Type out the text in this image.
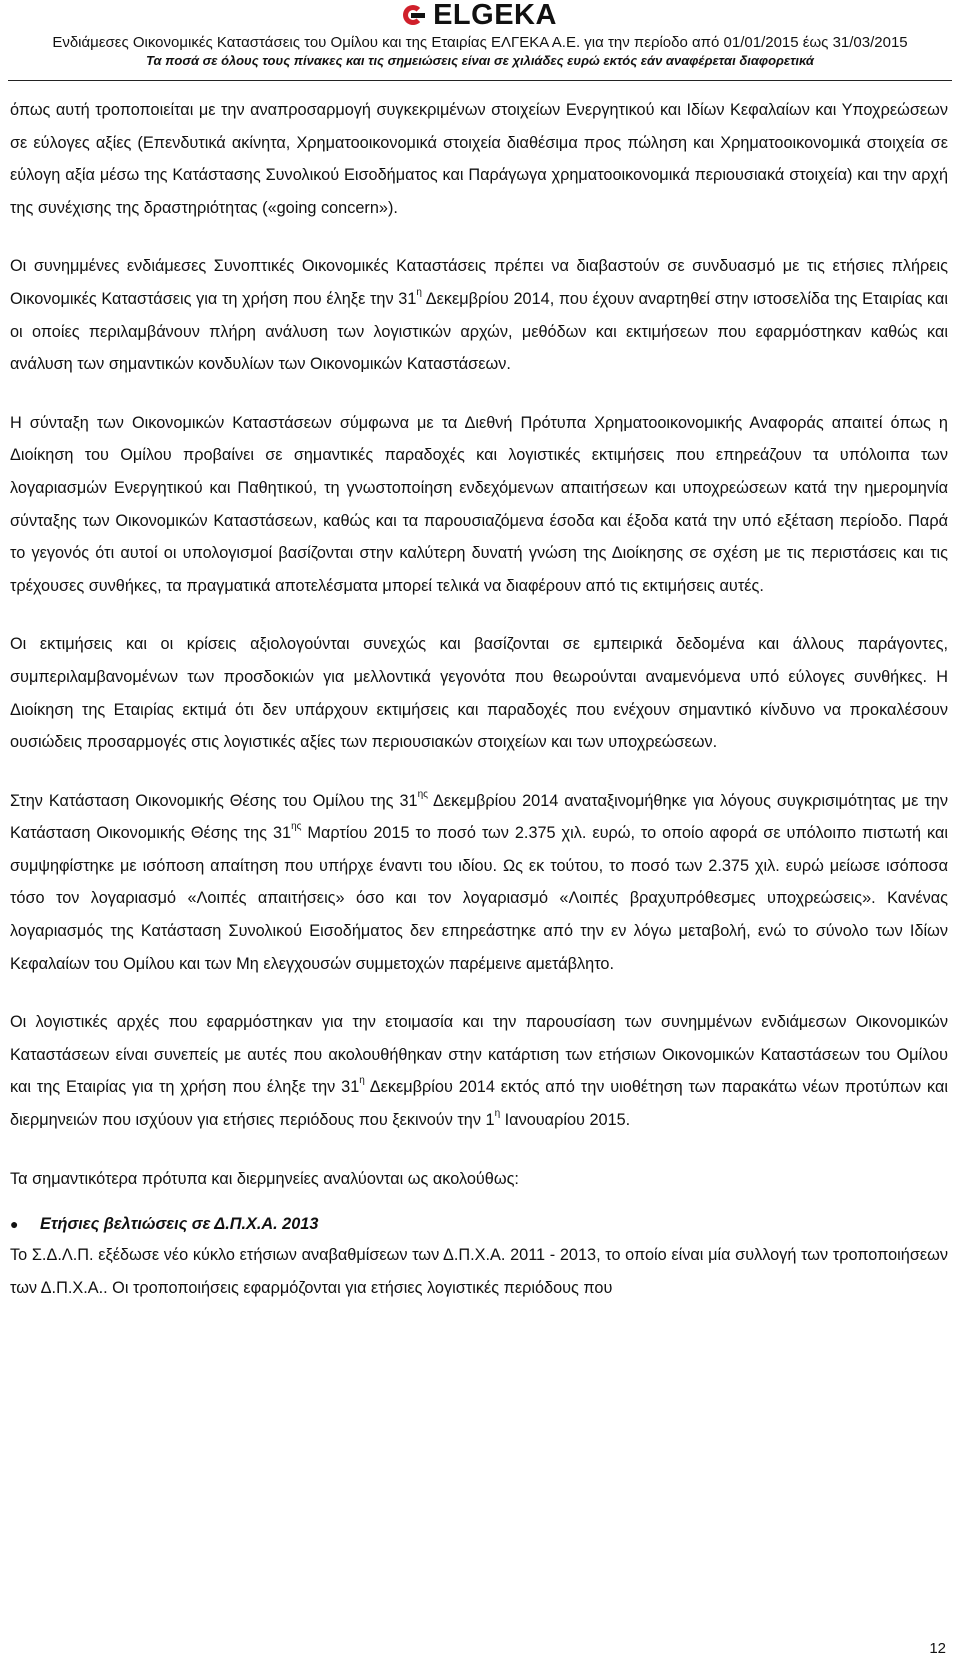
ELGEKA
Ενδιάμεσες Οικονομικές Καταστάσεις του Ομίλου και της Εταιρίας ΕΛΓΕΚΑ Α.Ε. για την περίοδο από 01/01/2015 έως 31/03/2015
Τα ποσά σε όλους τους πίνακες και τις σημειώσεις είναι σε χιλιάδες ευρώ εκτός εάν αναφέρεται διαφορετικά

όπως αυτή τροποποιείται με την αναπροσαρμογή συγκεκριμένων στοιχείων Ενεργητικού και Ιδίων Κεφαλαίων και Υποχρεώσεων σε εύλογες αξίες (Επενδυτικά ακίνητα, Χρηματοοικονομικά στοιχεία διαθέσιμα προς πώληση και Χρηματοοικονομικά στοιχεία σε εύλογη αξία μέσω της Κατάστασης Συνολικού Εισοδήματος και Παράγωγα χρηματοοικονομικά περιουσιακά στοιχεία) και την αρχή της συνέχισης της δραστηριότητας («going concern»).

Οι συνημμένες ενδιάμεσες Συνοπτικές Οικονομικές Καταστάσεις πρέπει να διαβαστούν σε συνδυασμό με τις ετήσιες πλήρεις Οικονομικές Καταστάσεις για τη χρήση που έληξε την $31^\eta$ Δεκεμβρίου 2014, που έχουν αναρτηθεί στην ιστοσελίδα της Εταιρίας και οι οποίες περιλαμβάνουν πλήρη ανάλυση των λογιστικών αρχών, μεθόδων και εκτιμήσεων που εφαρμόστηκαν καθώς και ανάλυση των σημαντικών κονδυλίων των Οικονομικών Καταστάσεων.

Η σύνταξη των Οικονομικών Καταστάσεων σύμφωνα με τα Διεθνή Πρότυπα Χρηματοοικονομικής Αναφοράς απαιτεί όπως η Διοίκηση του Ομίλου προβαίνει σε σημαντικές παραδοχές και λογιστικές εκτιμήσεις που επηρεάζουν τα υπόλοιπα των λογαριασμών Ενεργητικού και Παθητικού, τη γνωστοποίηση ενδεχόμενων απαιτήσεων και υποχρεώσεων κατά την ημερομηνία σύνταξης των Οικονομικών Καταστάσεων, καθώς και τα παρουσιαζόμενα έσοδα και έξοδα κατά την υπό εξέταση περίοδο. Παρά το γεγονός ότι αυτοί οι υπολογισμοί βασίζονται στην καλύτερη δυνατή γνώση της Διοίκησης σε σχέση με τις περιστάσεις και τις τρέχουσες συνθήκες, τα πραγματικά αποτελέσματα μπορεί τελικά να διαφέρουν από τις εκτιμήσεις αυτές.

Οι εκτιμήσεις και οι κρίσεις αξιολογούνται συνεχώς και βασίζονται σε εμπειρικά δεδομένα και άλλους παράγοντες, συμπεριλαμβανομένων των προσδοκιών για μελλοντικά γεγονότα που θεωρούνται αναμενόμενα υπό εύλογες συνθήκες. Η Διοίκηση της Εταιρίας εκτιμά ότι δεν υπάρχουν εκτιμήσεις και παραδοχές που ενέχουν σημαντικό κίνδυνο να προκαλέσουν ουσιώδεις προσαρμογές στις λογιστικές αξίες των περιουσιακών στοιχείων και των υποχρεώσεων.

Στην Κατάσταση Οικονομικής Θέσης του Ομίλου της $31^{\eta\varsigma}$ Δεκεμβρίου 2014 αναταξινομήθηκε για λόγους συγκρισιμότητας με την Κατάσταση Οικονομικής Θέσης της $31^{\eta\varsigma}$ Μαρτίου 2015 το ποσό των 2.375 χιλ. ευρώ, το οποίο αφορά σε υπόλοιπο πιστωτή και συμψηφίστηκε με ισόποση απαίτηση που υπήρχε έναντι του ιδίου. Ως εκ τούτου, το ποσό των 2.375 χιλ. ευρώ μείωσε ισόποσα τόσο τον λογαριασμό «Λοιπές απαιτήσεις» όσο και τον λογαριασμό «Λοιπές βραχυπρόθεσμες υποχρεώσεις». Κανένας λογαριασμός της Κατάσταση Συνολικού Εισοδήματος δεν επηρεάστηκε από την εν λόγω μεταβολή, ενώ το σύνολο των Ιδίων Κεφαλαίων του Ομίλου και των Μη ελεγχουσών συμμετοχών παρέμεινε αμετάβλητο.

Οι λογιστικές αρχές που εφαρμόστηκαν για την ετοιμασία και την παρουσίαση των συνημμένων ενδιάμεσων Οικονομικών Καταστάσεων είναι συνεπείς με αυτές που ακολουθήθηκαν στην κατάρτιση των ετήσιων Οικονομικών Καταστάσεων του Ομίλου και της Εταιρίας για τη χρήση που έληξε την $31^\eta$ Δεκεμβρίου 2014 εκτός από την υιοθέτηση των παρακάτω νέων προτύπων και διερμηνειών που ισχύουν για ετήσιες περιόδους που ξεκινούν την $1^\eta$ Ιανουαρίου 2015.

Τα σημαντικότερα πρότυπα και διερμηνείες αναλύονται ως ακολούθως:

●	Ετήσιες βελτιώσεις σε Δ.Π.Χ.Α. 2013

Το Σ.Δ.Λ.Π. εξέδωσε νέο κύκλο ετήσιων αναβαθμίσεων των Δ.Π.Χ.Α. 2011 - 2013, το οποίο είναι μία συλλογή των τροποποιήσεων των Δ.Π.Χ.Α.. Οι τροποποιήσεις εφαρμόζονται για ετήσιες λογιστικές περιόδους που

12
